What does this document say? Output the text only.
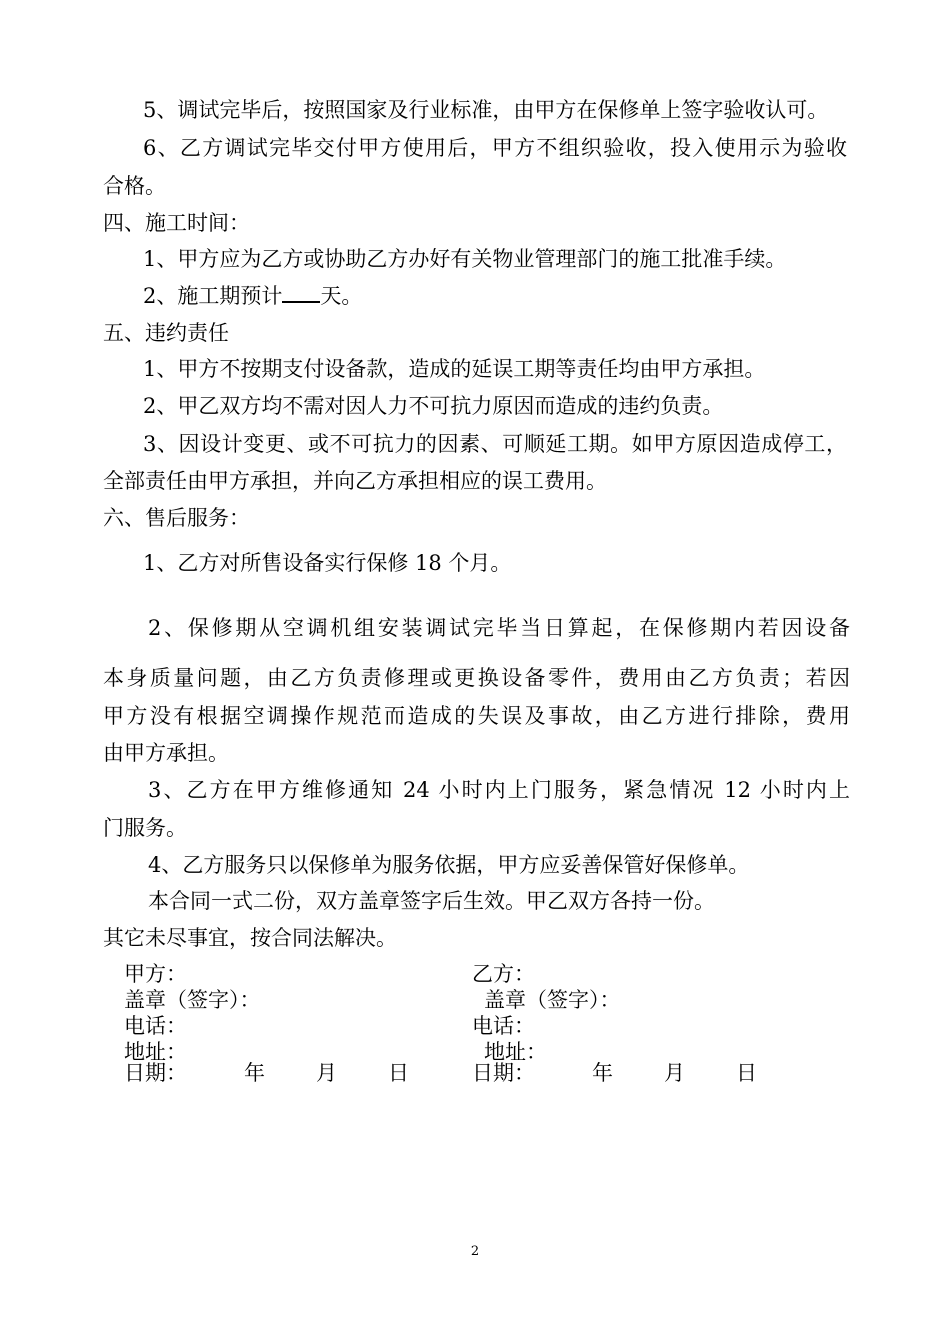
5、调试完毕后，按照国家及行业标准，由甲方在保修单上签字验收认可。
6、乙方调试完毕交付甲方使用后，甲方不组织验收，投入使用示为验收
合格。
四、施工时间：
1、甲方应为乙方或协助乙方办好有关物业管理部门的施工批准手续。
2、施工期预计 天。
五、违约责任
1、甲方不按期支付设备款，造成的延误工期等责任均由甲方承担。
2、甲乙双方均不需对因人力不可抗力原因而造成的违约负责。
3、因设计变更、或不可抗力的因素、可顺延工期。如甲方原因造成停工，
全部责任由甲方承担，并向乙方承担相应的误工费用。
六、售后服务：
1、乙方对所售设备实行保修 18 个月。
2、保修期从空调机组安装调试完毕当日算起，在保修期内若因设备
本身质量问题，由乙方负责修理或更换设备零件，费用由乙方负责；若因
甲方没有根据空调操作规范而造成的失误及事故，由乙方进行排除，费用
由甲方承担。
3、乙方在甲方维修通知 24 小时内上门服务，紧急情况 12 小时内上
门服务。
4、乙方服务只以保修单为服务依据，甲方应妥善保管好保修单。
本合同一式二份，双方盖章签字后生效。甲乙双方各持一份。
其它未尽事宜，按合同法解决。
甲方：
盖章（签字）：
电话：
地址：
日期：	年 月 日
乙方：
盖章（签字）：
电话：
地址：
日期：	年 月 日
2
